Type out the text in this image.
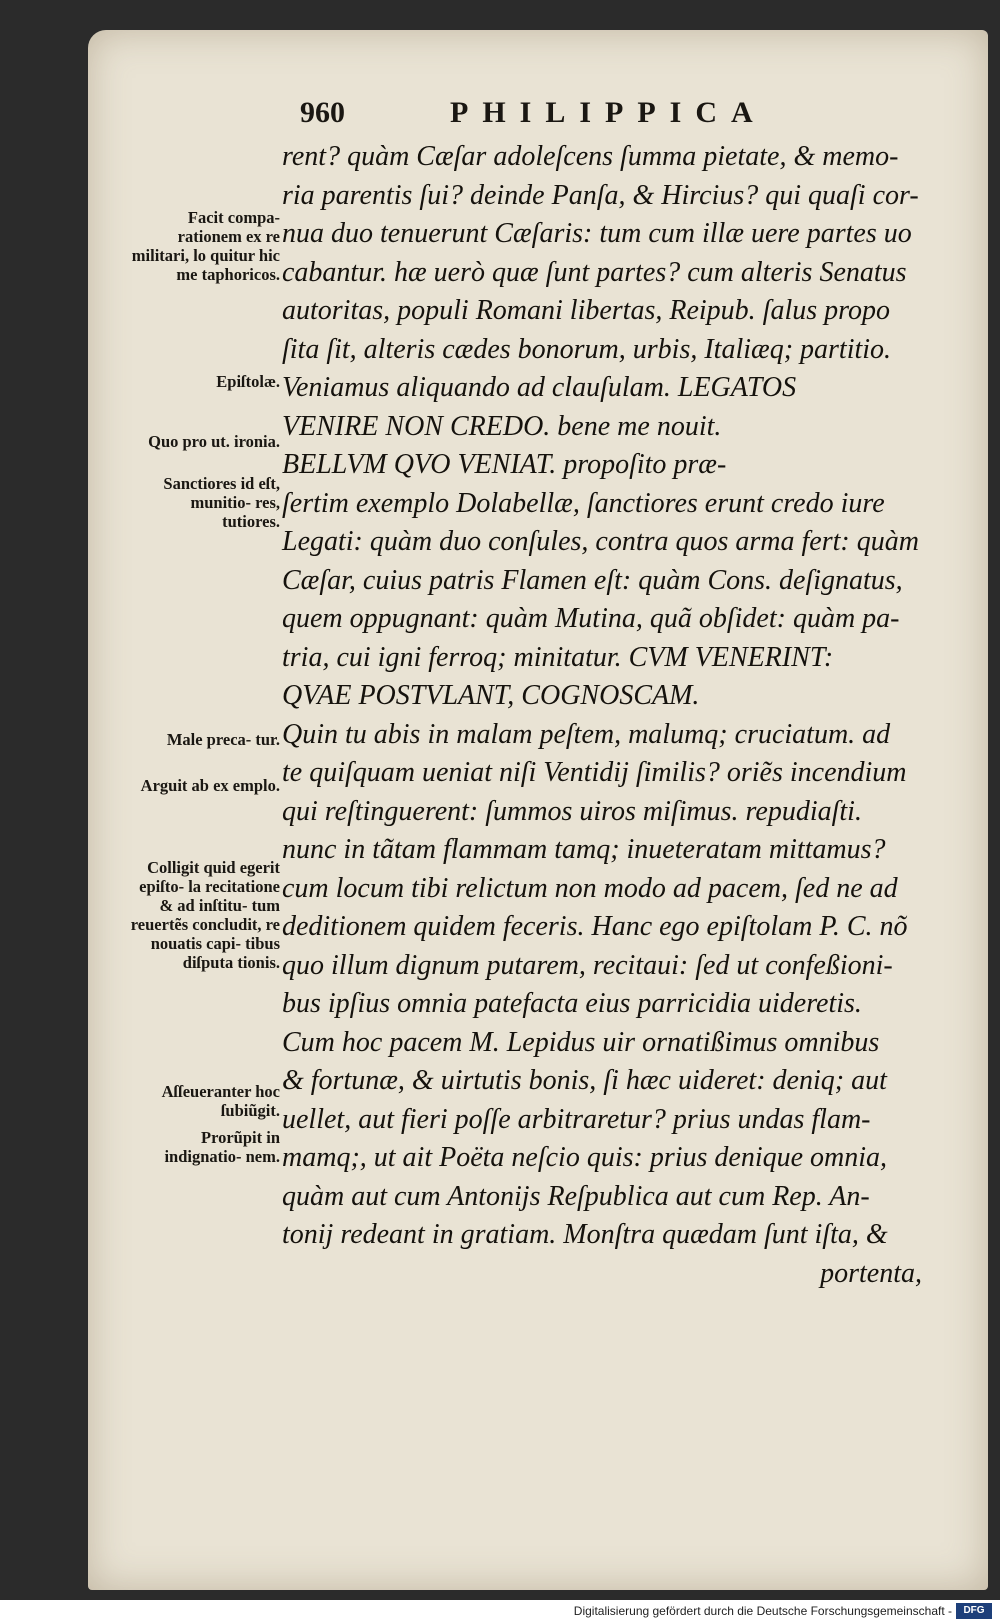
960	PHILIPPICA
rent? quàm Cæſar adoleſcens ſumma pietate, & memo-
ria parentis ſui? deinde Panſa, & Hircius? qui quaſi cor-
nua duo tenuerunt Cæſaris: tum cum illæ uere partes uo
cabantur. hæ uerò quæ ſunt partes? cum alteris Senatus
autoritas, populi Romani libertas, Reipub. ſalus propo
ſita ſit, alteris cædes bonorum, urbis, Italiæq; partitio.
Veniamus aliquando ad clauſulam. LEGATOS
VENIRE NON CREDO. bene me nouit.
BELLVM QVO VENIAT. propoſito præ-
ſertim exemplo Dolabellæ, ſanctiores erunt credo iure
Legati: quàm duo conſules, contra quos arma fert: quàm
Cæſar, cuius patris Flamen eſt: quàm Cons. deſignatus,
quem oppugnant: quàm Mutina, quã obſidet: quàm pa-
tria, cui igni ferroq; minitatur. CVM VENERINT:
QVAE POSTVLANT, COGNOSCAM.
Quin tu abis in malam peſtem, malumq; cruciatum. ad
te quiſquam ueniat niſi Ventidij ſimilis? oriẽs incendium
qui reſtinguerent: ſummos uiros miſimus. repudiaſti.
nunc in tãtam flammam tamq; inueteratam mittamus?
cum locum tibi relictum non modo ad pacem, ſed ne ad
deditionem quidem feceris. Hanc ego epiſtolam P. C. nõ
quo illum dignum putarem, recitaui: ſed ut confeßioni-
bus ipſius omnia patefacta eius parricidia uideretis.
Cum hoc pacem M. Lepidus uir ornatißimus omnibus
& fortunæ, & uirtutis bonis, ſi hæc uideret: deniq; aut
uellet, aut fieri poſſe arbitraretur? prius undas flam-
mamq;, ut ait Poëta neſcio quis: prius denique omnia,
quàm aut cum Antonijs Reſpublica aut cum Rep. An-
tonij redeant in gratiam. Monſtra quædam ſunt iſta, &
portenta,
Facit compa- rationem ex re militari, lo quitur hic me taphoricos.
Epiſtolæ.
Quo pro ut. ironia.
Sanctiores id eſt, munitio- res, tutiores.
Male preca- tur.
Arguit ab ex emplo.
Colligit quid egerit epiſto- la recitatione & ad inſtitu- tum reuertẽs concludit, re nouatis capi- tibus diſputa tionis.
Aſſeueranter hoc ſubiũgit.
Prorũpit in indignatio- nem.
Digitalisierung gefördert durch die Deutsche Forschungsgemeinschaft -	DFG
